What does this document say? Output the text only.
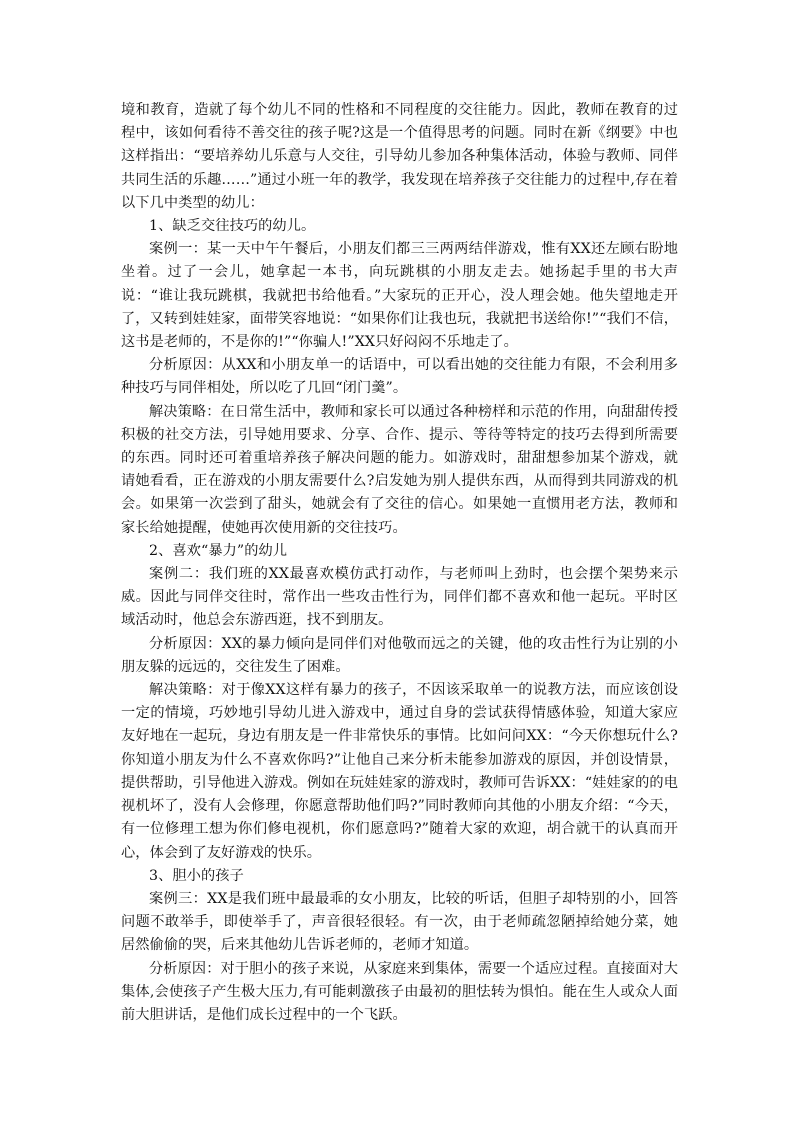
境和教育，造就了每个幼儿不同的性格和不同程度的交往能力。因此，教师在教育的过程中，该如何看待不善交往的孩子呢?这是一个值得思考的问题。同时在新《纲要》中也这样指出：“要培养幼儿乐意与人交往，引导幼儿参加各种集体活动，体验与教师、同伴共同生活的乐趣……”通过小班一年的教学，我发现在培养孩子交往能力的过程中,存在着以下几中类型的幼儿：

1、缺乏交往技巧的幼儿。

案例一：某一天中午午餐后，小朋友们都三三两两结伴游戏，惟有XX还左顾右盼地坐着。过了一会儿，她拿起一本书，向玩跳棋的小朋友走去。她扬起手里的书大声说：“谁让我玩跳棋，我就把书给他看。”大家玩的正开心，没人理会她。他失望地走开了，又转到娃娃家，面带笑容地说：“如果你们让我也玩，我就把书送给你!”“我们不信，这书是老师的，不是你的!”“你骗人!”XX只好闷闷不乐地走了。

分析原因：从XX和小朋友单一的话语中，可以看出她的交往能力有限，不会利用多种技巧与同伴相处，所以吃了几回“闭门羹”。

解决策略：在日常生活中，教师和家长可以通过各种榜样和示范的作用，向甜甜传授积极的社交方法，引导她用要求、分享、合作、提示、等待等特定的技巧去得到所需要的东西。同时还可着重培养孩子解决问题的能力。如游戏时，甜甜想参加某个游戏，就请她看看，正在游戏的小朋友需要什么?启发她为别人提供东西，从而得到共同游戏的机会。如果第一次尝到了甜头，她就会有了交往的信心。如果她一直惯用老方法，教师和家长给她提醒，使她再次使用新的交往技巧。

2、喜欢“暴力”的幼儿

案例二：我们班的XX最喜欢模仿武打动作，与老师叫上劲时，也会摆个架势来示威。因此与同伴交往时，常作出一些攻击性行为，同伴们都不喜欢和他一起玩。平时区域活动时，他总会东游西逛，找不到朋友。

分析原因：XX的暴力倾向是同伴们对他敬而远之的关键，他的攻击性行为让别的小朋友躲的远远的，交往发生了困难。

解决策略：对于像XX这样有暴力的孩子，不因该采取单一的说教方法，而应该创设一定的情境，巧妙地引导幼儿进入游戏中，通过自身的尝试获得情感体验，知道大家应友好地在一起玩，身边有朋友是一件非常快乐的事情。比如问问XX：“今天你想玩什么?你知道小朋友为什么不喜欢你吗?”让他自己来分析未能参加游戏的原因，并创设情景，提供帮助，引导他进入游戏。例如在玩娃娃家的游戏时，教师可告诉XX：“娃娃家的的电视机坏了，没有人会修理，你愿意帮助他们吗?”同时教师向其他的小朋友介绍：“今天，有一位修理工想为你们修电视机，你们愿意吗?”随着大家的欢迎，胡合就干的认真而开心，体会到了友好游戏的快乐。

3、胆小的孩子

案例三：XX是我们班中最最乖的女小朋友，比较的听话，但胆子却特别的小，回答问题不敢举手，即使举手了，声音很轻很轻。有一次，由于老师疏忽陋掉给她分菜，她居然偷偷的哭，后来其他幼儿告诉老师的，老师才知道。

分析原因：对于胆小的孩子来说，从家庭来到集体，需要一个适应过程。直接面对大集体,会使孩子产生极大压力,有可能刺激孩子由最初的胆怯转为惧怕。能在生人或众人面前大胆讲话，是他们成长过程中的一个飞跃。
